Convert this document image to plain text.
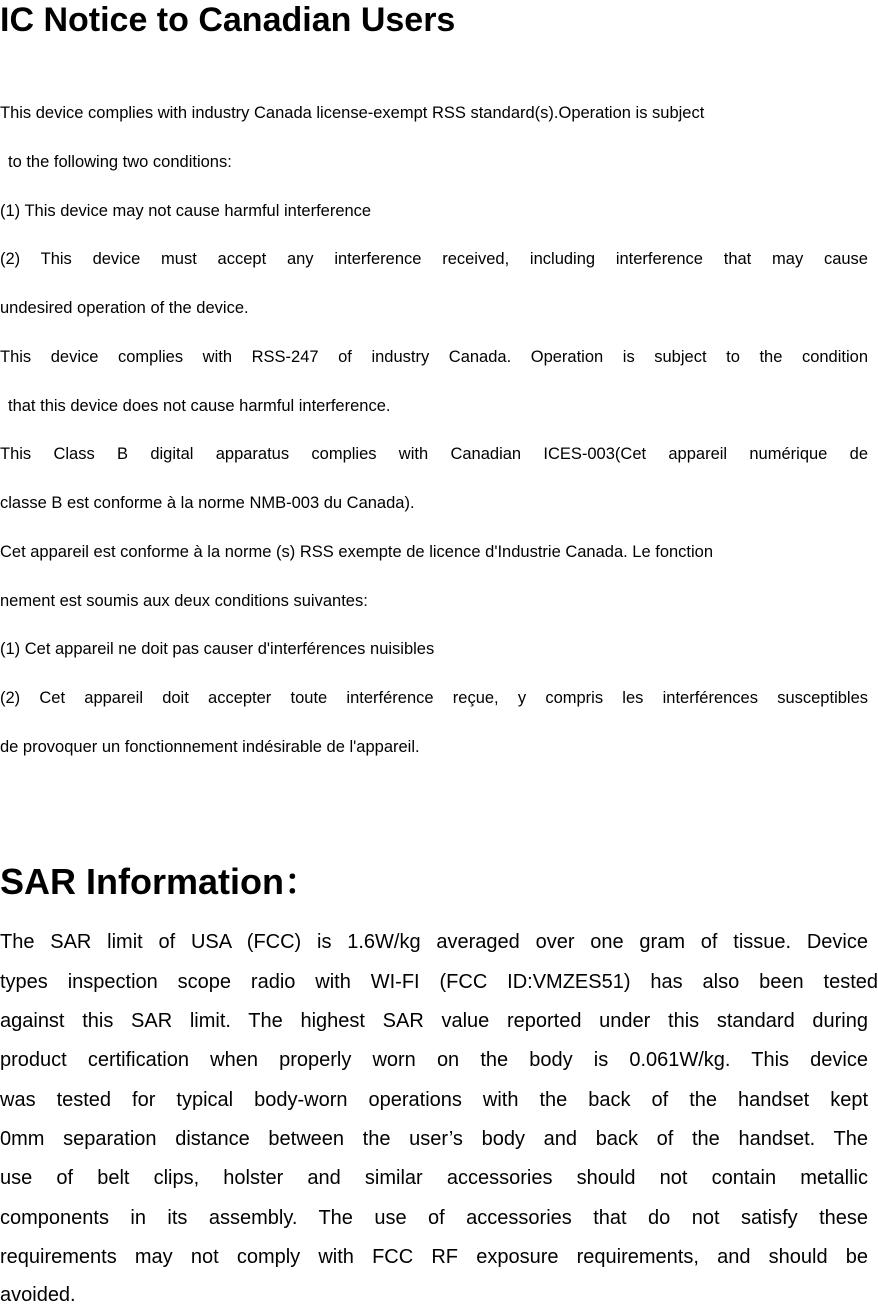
IC Notice to Canadian Users

This device complies with industry Canada license-exempt RSS standard(s).Operation is subject

to the following two conditions:

(1) This device may not cause harmful interference

(2) This device must accept any interference received, including interference that may cause

undesired operation of the device.

This device complies with RSS-247 of industry Canada. Operation is subject to the condition

that this device does not cause harmful interference.

This Class B digital apparatus complies with Canadian ICES-003(Cet appareil numérique de

classe B est conforme à la norme NMB-003 du Canada).

Cet appareil est conforme à la norme (s) RSS exempte de licence d'Industrie Canada. Le fonction

nement est soumis aux deux conditions suivantes:

(1) Cet appareil ne doit pas causer d'interférences nuisibles

(2) Cet appareil doit accepter toute interférence reçue, y compris les interférences susceptibles

de provoquer un fonctionnement indésirable de l'appareil.

SAR Information：

The SAR limit of USA (FCC) is 1.6W/kg averaged over one gram of tissue. Device

types inspection scope radio with WI-FI (FCC ID:VMZES51) has also been tested

against this SAR limit. The highest SAR value reported under this standard during

product certification when properly worn on the body is 0.061W/kg. This device

was tested for typical body-worn operations with the back of the handset kept

0mm separation distance between the user’s body and back of the handset. The

use of belt clips, holster and similar accessories should not contain metallic

components in its assembly. The use of accessories that do not satisfy these

requirements may not comply with FCC RF exposure requirements, and should be

avoided.
